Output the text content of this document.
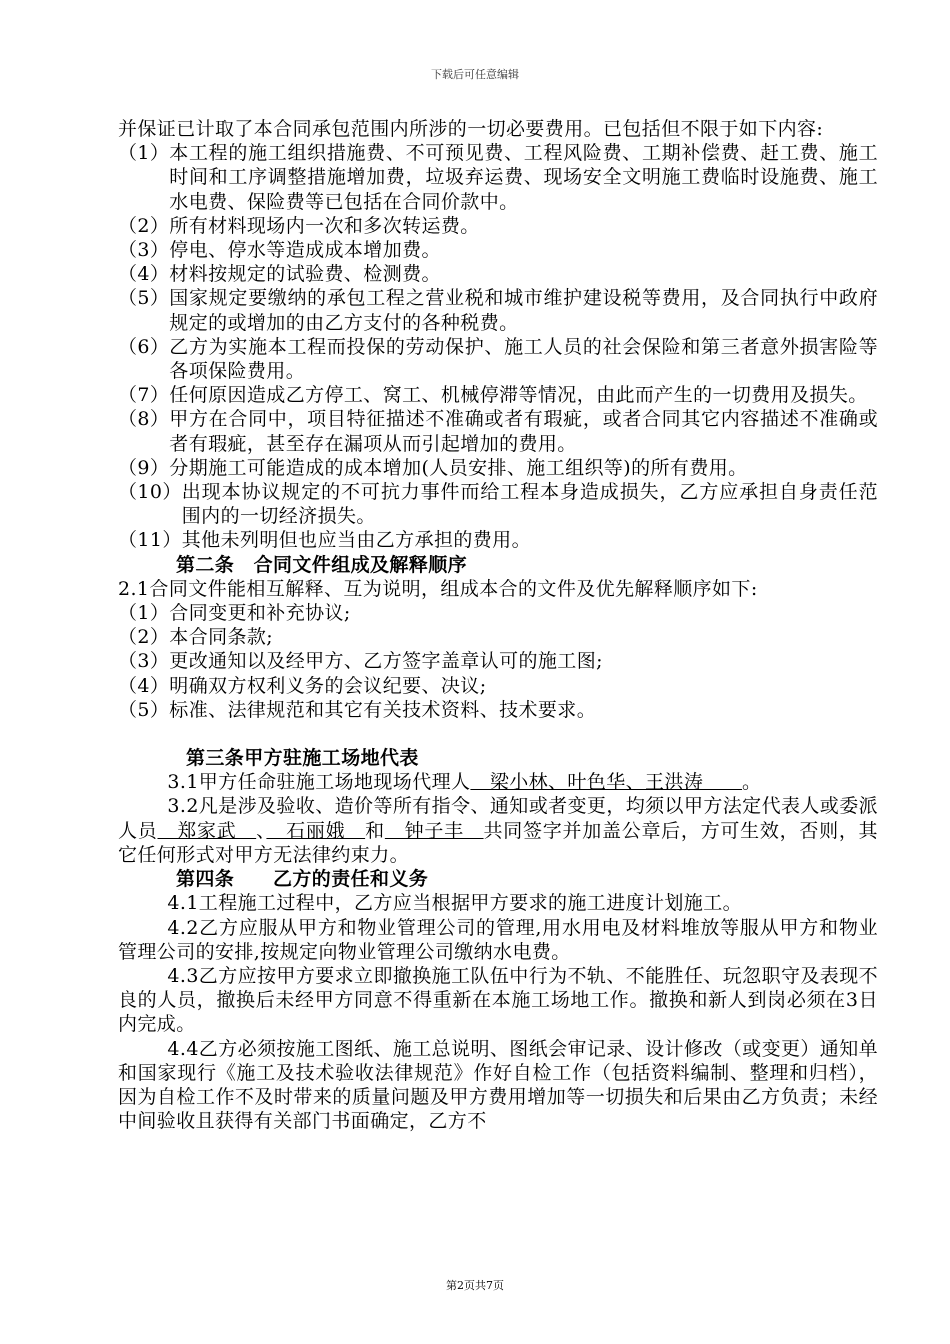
下载后可任意编辑

并保证已计取了本合同承包范围内所涉的一切必要费用。已包括但不限于如下内容:

（1） 本工程的施工组织措施费、不可预见费、工程风险费、工期补偿费、赶工费、施工时间和工序调整措施增加费，垃圾弃运费、现场安全文明施工费临时设施费、施工水电费、保险费等已包括在合同价款中。
（2） 所有材料现场内一次和多次转运费。
（3） 停电、停水等造成成本增加费。
（4） 材料按规定的试验费、检测费。
（5） 国家规定要缴纳的承包工程之营业税和城市维护建设税等费用，及合同执行中政府规定的或增加的由乙方支付的各种税费。
（6） 乙方为实施本工程而投保的劳动保护、施工人员的社会保险和第三者意外损害险等各项保险费用。
（7） 任何原因造成乙方停工、窝工、机械停滞等情况，由此而产生的一切费用及损失。
（8） 甲方在合同中，项目特征描述不准确或者有瑕疵，或者合同其它内容描述不准确或者有瑕疵，甚至存在漏项从而引起增加的费用。
（9） 分期施工可能造成的成本增加(人员安排、施工组织等)的所有费用。
（10） 出现本协议规定的不可抗力事件而给工程本身造成损失，乙方应承担自身责任范围内的一切经济损失。
（11） 其他未列明但也应当由乙方承担的费用。

第二条　合同文件组成及解释顺序

2.1合同文件能相互解释、互为说明，组成本合的文件及优先解释顺序如下:

（1）合同变更和补充协议;

（2）本合同条款;

（3）更改通知以及经甲方、乙方签字盖章认可的施工图;

（4）明确双方权利义务的会议纪要、决议;

（5）标准、法律规范和其它有关技术资料、技术要求。

第三条甲方驻施工场地代表

3.1甲方任命驻施工场地现场代理人　梁小林、叶色华、王洪涛　　。

3.2凡是涉及验收、造价等所有指令、通知或者变更，均须以甲方法定代表人或委派人员　郑家武　、　石丽娥　和　钟子丰　共同签字并加盖公章后，方可生效，否则，其它任何形式对甲方无法律约束力。

第四条　　乙方的责任和义务

4.1工程施工过程中，乙方应当根据甲方要求的施工进度计划施工。

4.2乙方应服从甲方和物业管理公司的管理,用水用电及材料堆放等服从甲方和物业管理公司的安排,按规定向物业管理公司缴纳水电费。

4.3乙方应按甲方要求立即撤换施工队伍中行为不轨、不能胜任、玩忽职守及表现不良的人员，撤换后未经甲方同意不得重新在本施工场地工作。撤换和新人到岗必须在3日内完成。

4.4乙方必须按施工图纸、施工总说明、图纸会审记录、设计修改（或变更）通知单和国家现行《施工及技术验收法律规范》作好自检工作（包括资料编制、整理和归档），因为自检工作不及时带来的质量问题及甲方费用增加等一切损失和后果由乙方负责；未经中间验收且获得有关部门书面确定，乙方不

第2页共7页
